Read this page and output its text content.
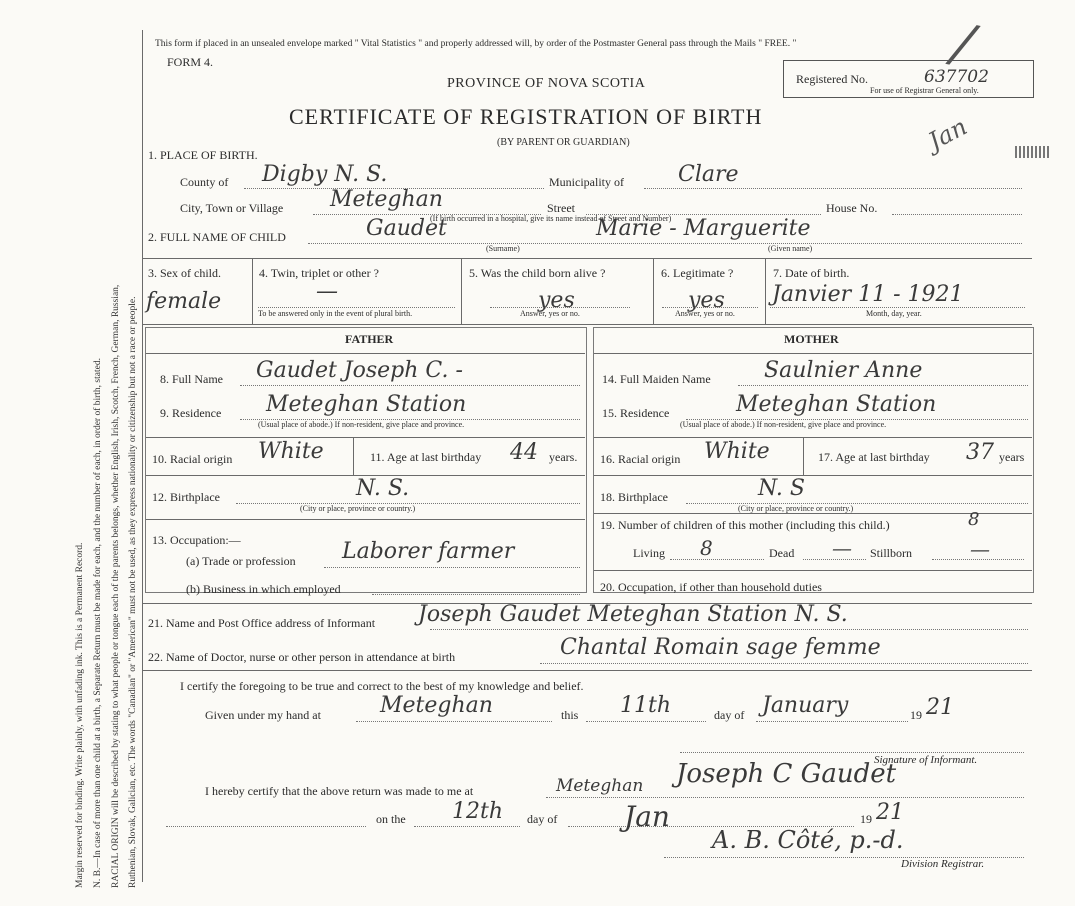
Margin reserved for binding. Write plainly, with unfading ink. This is a Permanent Record. N. B.—In case of more than one child at a birth, a Separate Return must be made for each, and the number of each, in order of birth, stated. RACIAL ORIGIN will be described by stating to what people or tongue each of the parents belongs, whether English, Irish, Scotch, French, German, Russian, Ruthenian, Slovak, Galician, etc. The words "Canadian" or "American" must not be used, as they express nationality or citizenship but not a race or people.
This form if placed in an unsealed envelope marked " Vital Statistics " and properly addressed will, by order of the Postmaster General pass through the Mails " FREE. "
FORM 4.
PROVINCE OF NOVA SCOTIA
CERTIFICATE OF REGISTRATION OF BIRTH
(BY PARENT OR GUARDIAN)
Registered No.	637702
For use of Registrar General only.
/
Jan
1. PLACE OF BIRTH.
County of Digby N. S.	Municipality of Clare
City, Town or Village Meteghan	Street	House No.
(If birth occurred in a hospital, give its name instead of Street and Number)
2. FULL NAME OF CHILD	Gaudet	Marie - Marguerite
(Surname)	(Given name)
3. Sex of child.
female
4. Twin, triplet or other ?
—
To be answered only in the event of plural birth.
5. Was the child born alive ?
yes
Answer, yes or no.
6. Legitimate ?
yes
Answer, yes or no.
7. Date of birth.
Janvier 11 - 1921
Month, day, year.
FATHER	MOTHER
8. Full Name Gaudet Joseph C. -
9. Residence Meteghan Station
(Usual place of abode.) If non-resident, give place and province.
10. Racial origin White	11. Age at last birthday 44 years.
12. Birthplace	N. S.
(City or place, province or country.)
13. Occupation:—
(a) Trade or profession Laborer farmer
(b) Business in which employed
14. Full Maiden Name Saulnier Anne
15. Residence	Meteghan Station
(Usual place of abode.) If non-resident, give place and province.
16. Racial origin White	17. Age at last birthday 37 years
18. Birthplace	N. S
(City or place, province or country.)
19. Number of children of this mother (including this child.)	8
Living 8	Dead — Stillborn	—
20. Occupation, if other than household duties
21. Name and Post Office address of Informant Joseph Gaudet Meteghan Station N. S.
22. Name of Doctor, nurse or other person in attendance at birth	Chantal Romain sage femme
I certify the foregoing to be true and correct to the best of my knowledge and belief.
Given under my hand at	Meteghan	this 11th	day of January	19 21
Signature of Informant.
I hereby certify that the above return was made to me at	Meteghan Joseph C Gaudet
on the 12th day of Jan	19 21
A. B. Côté, p.-d.
Division Registrar.
